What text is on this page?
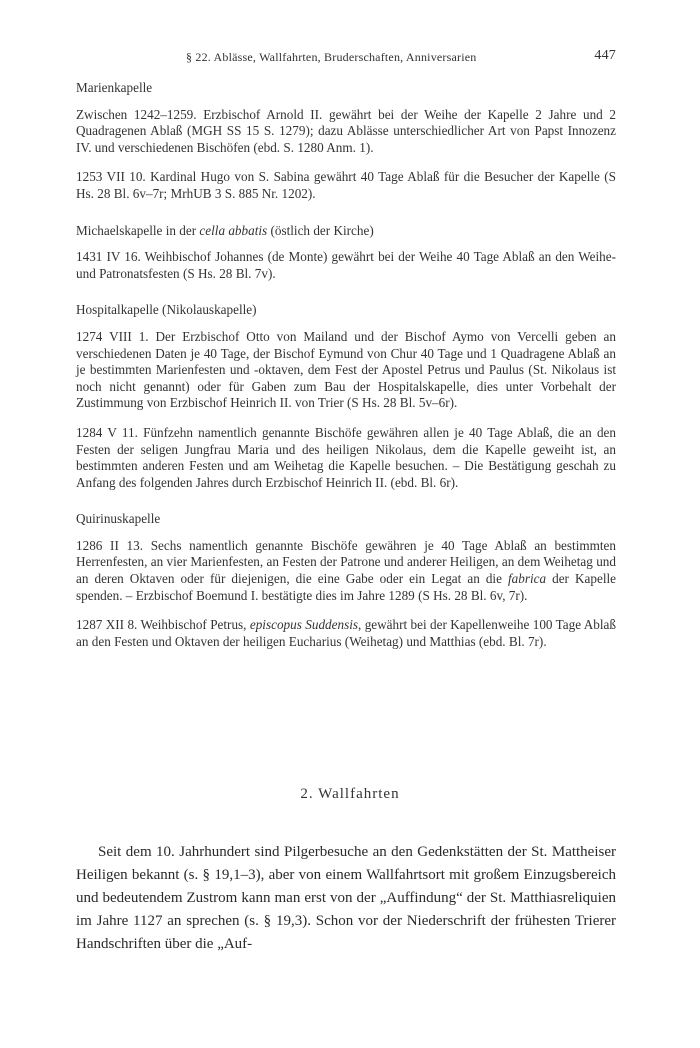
§ 22. Ablässe, Wallfahrten, Bruderschaften, Anniversarien	447
Marienkapelle

Zwischen 1242–1259. Erzbischof Arnold II. gewährt bei der Weihe der Kapelle 2 Jahre und 2 Quadragenen Ablaß (MGH SS 15 S. 1279); dazu Ablässe unterschiedlicher Art von Papst Innozenz IV. und verschiedenen Bischöfen (ebd. S. 1280 Anm. 1).

1253 VII 10. Kardinal Hugo von S. Sabina gewährt 40 Tage Ablaß für die Besucher der Kapelle (S Hs. 28 Bl. 6v–7r; MrhUB 3 S. 885 Nr. 1202).

Michaelskapelle in der cella abbatis (östlich der Kirche)

1431 IV 16. Weihbischof Johannes (de Monte) gewährt bei der Weihe 40 Tage Ablaß an den Weihe- und Patronatsfesten (S Hs. 28 Bl. 7v).

Hospitalkapelle (Nikolauskapelle)

1274 VIII 1. Der Erzbischof Otto von Mailand und der Bischof Aymo von Vercelli geben an verschiedenen Daten je 40 Tage, der Bischof Eymund von Chur 40 Tage und 1 Quadragene Ablaß an je bestimmten Marienfesten und -oktaven, dem Fest der Apostel Petrus und Paulus (St. Nikolaus ist noch nicht genannt) oder für Gaben zum Bau der Hospitalskapelle, dies unter Vorbehalt der Zustimmung von Erzbischof Heinrich II. von Trier (S Hs. 28 Bl. 5v–6r).

1284 V 11. Fünfzehn namentlich genannte Bischöfe gewähren allen je 40 Tage Ablaß, die an den Festen der seligen Jungfrau Maria und des heiligen Nikolaus, dem die Kapelle geweiht ist, an bestimmten anderen Festen und am Weihetag die Kapelle besuchen. – Die Bestätigung geschah zu Anfang des folgenden Jahres durch Erzbischof Heinrich II. (ebd. Bl. 6r).

Quirinuskapelle

1286 II 13. Sechs namentlich genannte Bischöfe gewähren je 40 Tage Ablaß an bestimmten Herrenfesten, an vier Marienfesten, an Festen der Patrone und anderer Heiligen, an dem Weihetag und an deren Oktaven oder für diejenigen, die eine Gabe oder ein Legat an die fabrica der Kapelle spenden. – Erzbischof Boemund I. bestätigte dies im Jahre 1289 (S Hs. 28 Bl. 6v, 7r).

1287 XII 8. Weihbischof Petrus, episcopus Suddensis, gewährt bei der Kapellenweihe 100 Tage Ablaß an den Festen und Oktaven der heiligen Eucharius (Weihetag) und Matthias (ebd. Bl. 7r).

2. Wallfahrten

Seit dem 10. Jahrhundert sind Pilgerbesuche an den Gedenkstätten der St. Mattheiser Heiligen bekannt (s. § 19,1–3), aber von einem Wallfahrtsort mit großem Einzugsbereich und bedeutendem Zustrom kann man erst von der „Auffindung“ der St. Matthiasreliquien im Jahre 1127 an sprechen (s. § 19,3). Schon vor der Niederschrift der frühesten Trierer Handschriften über die „Auf-
